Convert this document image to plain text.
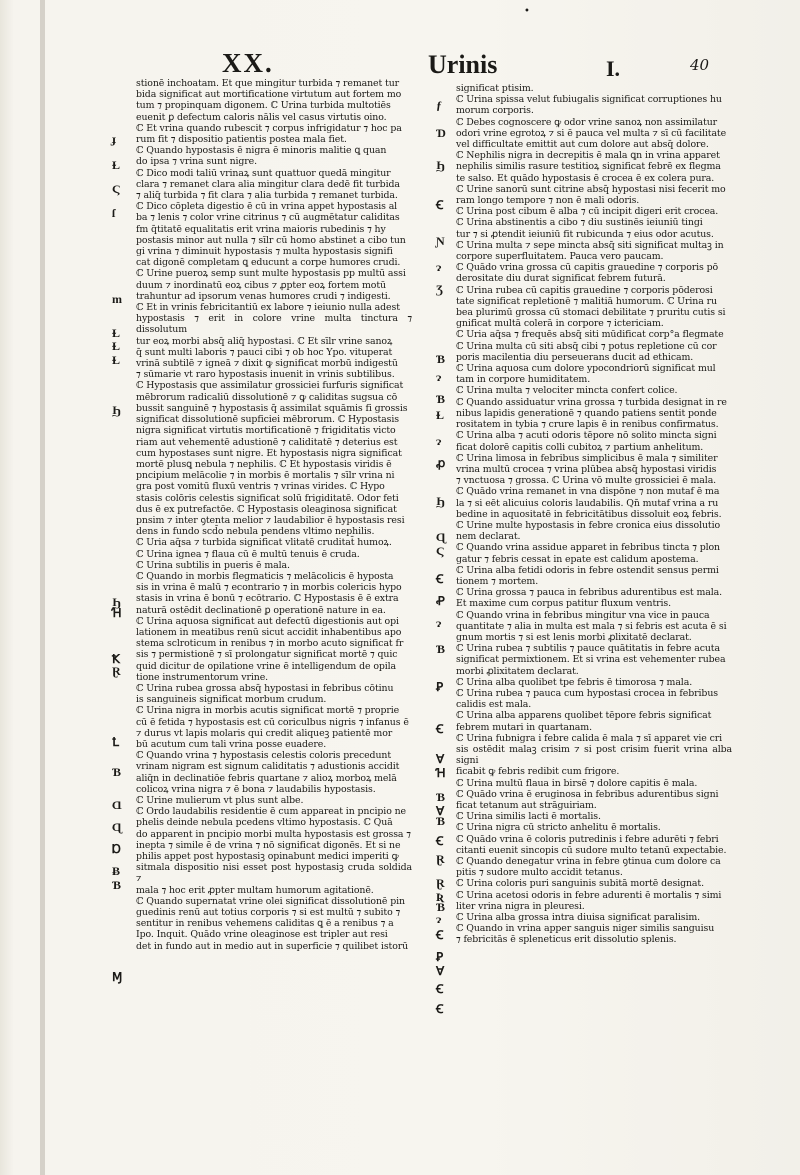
•
XX.	Urinis	I.	40
stionē inchoatam. Et que mingitur turbida ⁊ remanet tur
bida significat aut mortificatione virtutum aut fortem mo
tum ⁊ propinquam digonem. ℂ Urina turbida multotiēs
euenit ꝑ defectum caloris nālis vel casus virtutis oino.
ℂ Et vrina quando rubescit ⁊ corpus infrigidatur ⁊ hoc pa
rum fit ⁊ dispositio patientis postea mala fiet.
ℂ Quando hypostasis ē nigra ē minoris malitie ꝗ quan
do ipsa ⁊ vrina sunt nigre.
ℂ Dico modi taliū vrinaꝝ sunt quattuor quedā mingitur
clara ⁊ remanet clara alia mingitur clara dedē fit turbida
⁊ aliq̄ turbida ⁊ fit clara ⁊ alia turbida ⁊ remanet turbida.
ℂ Dico cōpleta digestio ē cū in vrina appet hypostasis al
ba ⁊ lenis ⁊ color vrine citrinus ⁊ cū augmētatur caliditas
fm q̄titatē equalitatis erit vrina maioris rubedinis ⁊ hy
postasis minor aut nulla ⁊ sīlr cū homo abstinet a cibo tun
gi vrina ⁊ diminuit hypostasis ⁊ multa hypostasis signifi
cat digonē completam ꝗ educunt a corpe humores crudi.
ℂ Urine pueroꝝ semp sunt multe hypostasis pp multū assi
duum ⁊ inordinatū eoꝝ cibus ⁊ ꝓpter eoꝝ fortem motū
trahuntur ad ipsorum venas humores crudi ⁊ indigesti.
ℂ Et in vrinis febricitantiū ex labore ⁊ ieiunio nulla adest
hypostasis ⁊ erit in colore vrine multa tinctura ⁊ dissolutum
tur eoꝝ morbi absq̄ aliq̄ hypostasi. ℂ Et sīlr vrine sanoꝝ
q̄ sunt multi laboris ⁊ pauci cibi ⁊ ob hoc Ypo. vituperat
vrinā subtilē ⁊ igneā ⁊ dixit ꝙ significat morbū indigestū
⁊ sūmarie vt raro hypostasis inuenit in vrinis subtilibus.
ℂ Hypostasis que assimilatur grossiciei furfuris significat
mēbrorum radicaliū dissolutionē ⁊ ꝙ caliditas sugsua cō
bussit sanguinē ⁊ hypostasis q̄ assimilat squāmis fi grossis
significat dissolutionē supficiei mēbrorum. ℂ Hypostasis
nigra significat virtutis mortificationē ⁊ frigiditatis victo
riam aut vehementē adustionē ⁊ caliditatē ⁊ deterius est
cum hypostases sunt nigre. Et hypostasis nigra significat
mortē plusꝗ nebula ⁊ nephilis. ℂ Et hypostasis viridis ē
pncipium melācolie ⁊ in morbis ē mortalis ⁊ sīlr vrina ni
gra post vomitū fluxū ventris ⁊ vrinas virides. ℂ Hypo
stasis colōris celestis significat solū frigiditatē. Odor feti
dus ē ex putrefactōe. ℂ Hypostasis oleaginosa significat
pnsim ⁊ inter ꝯtenta melior ⁊ laudabilior ē hypostasis resi
dens in fundo scd̄o nebula pendens vltimo nephilis.
ℂ Uria aq̄sa ⁊ turbida significat vlitatē cruditat̄ humoꝝ.
ℂ Urina ignea ⁊ flaua cū ē multū tenuis ē cruda.
ℂ Urina subtilis in pueris ē mala.
ℂ Quando in morbis flegmaticis ⁊ melācolicis ē hyposta
sis in vrina ē malū ⁊ econtrario ⁊ in morbis colericis hypo
stasis in vrina ē bonū ⁊ ecōtrario. ℂ Hypostasis ē ē extra
naturā ostēdit declinationē ꝑ operationē nature in ea.
ℂ Urina aquosa significat aut defectū digestionis aut opi
lationem in meatibus renū sicut accidit inhabentibus apo
stema sclroticum in renibus ⁊ in morbo acuto significat fr
sis ⁊ permistionē ⁊ sī prolongatur significat mortē ⁊ quic
quid dicitur de opilatione vrine ē intelligendum de opila
tione instrumentorum vrine.
ℂ Urina rubea grossa absq̄ hypostasi in febribus cōtinu
is sanguineis significat morbum crudum.
ℂ Urina nigra in morbis acutis significat mortē ⁊ proprie
cū ē fetida ⁊ hypostasis est cū coriculbus nigris ⁊ infanus ē
⁊ durus vt lapis molaris qui credit aliqueꝫ patientē mor
bū acutum cum tali vrina posse euadere.
ℂ Quando vrina ⁊ hypostasis celestis coloris precedunt
vrinam nigram est signum caliditatis ⁊ adustionis accidit
aliq̄n in declinatiōe febris quartane ⁊ alioꝝ morboꝝ melā
colicoꝝ vrina nigra ⁊ ē bona ⁊ laudabilis hypostasis.
ℂ Urine mulierum vt plus sunt albe.
ℂ Ordo laudabilis residentie ē cum appareat in pncipio ne
phelis deinde nebula pcedens vltimo hypostasis. ℂ Quā
do apparent in pncipio morbi multa hypostasis est grossa ⁊
inepta ⁊ simile ē de vrina ⁊ nō significat digonēs. Et si ne
philis appet post hypostasiꝫ opinabunt medici imperiti ꝙ
sitmala dispositio nisi esset post hypostasiꝫ cruda soldida ⁊
mala ⁊ hoc erit ꝓpter multam humorum agitationē.
ℂ Quando supernatat vrine olei significat dissolutionē pin
guedinis renū aut totius corporis ⁊ si est multū ⁊ subito ⁊
sentitur in renibus vehemens caliditas ꝗ ē a renibus ⁊ a
Ipo. Inquit. Quādo vrine oleaginose est tripler aut resi
det in fundo aut in medio aut in superficie ⁊ quilibet istorū
significat ptisim.
ℂ Urina spissa velut fubiugalis significat corruptiones hu
morum corporis.
ℂ Debes cognoscere ꝙ odor vrine sanoꝝ non assimilatur
odori vrine egrotoꝝ ⁊ si ē pauca vel multa ⁊ sī cū facilitate
vel difficultate emittit aut cum dolore aut absq̄ dolore.
ℂ Nephilis nigra in decrepitis ē mala ꝗn in vrina apparet
nephilis similis rasure testitioꝝ significat febrē ex flegma
te salso. Et quādo hypostasis ē crocea ē ex colera pura.
ℂ Urine sanorū sunt citrine absq̄ hypostasi nisi fecerit mo
ram longo tempore ⁊ non ē mali odoris.
ℂ Urina post cibum ē alba ⁊ cū incipit digeri erit crocea.
ℂ Urina abstinentis a cibo ⁊ diu sustinēs ieiuniū tingi
tur ⁊ si ꝓtendit ieiuniū fit rubicunda ⁊ eius odor acutus.
ℂ Urina multa ⁊ sepe mincta absq̄ siti significat multaꝫ in
corpore superfluitatem. Pauca vero paucam.
ℂ Quādo vrina grossa cū capitis grauedine ⁊ corporis pō
derositate diu durat significat febrem futurā.
ℂ Urina rubea cū capitis grauedine ⁊ corporis pōderosi
tate significat repletionē ⁊ malitiā humorum. ℂ Urina ru
bea plurimū grossa cū stomaci debilitate ⁊ pruritu cutis si
gnificat multā colerā in corpore ⁊ ictericiam.
ℂ Uria aq̄sa ⁊ frequēs absq̄ siti mūdificat corp°a flegmate
ℂ Urina multa cū siti absq̄ cibi ⁊ potus repletione cū cor
poris macilentia diu perseuerans ducit ad ethicam.
ℂ Urina aquosa cum dolore ypocondriorū significat mul
tam in corpore humiditatem.
ℂ Urina multa ⁊ velociter mincta confert colice.
ℂ Quando assiduatur vrina grossa ⁊ turbida designat in re
nibus lapidis generationē ⁊ quando patiens sentit ponde
rositatem in tybia ⁊ crure lapis ē in renibus confirmatus.
ℂ Urina alba ⁊ acuti odoris tēpore nō solito mincta signi
ficat dolorē capitis colli cubitoꝝ ⁊ partium anhelitum.
ℂ Urina limosa in febribus simplicibus ē mala ⁊ similiter
vrina multū crocea ⁊ vrina plūbea absq̄ hypostasi viridis
⁊ vnctuosa ⁊ grossa. ℂ Urina vō multe grossiciei ē mala.
ℂ Quādo vrina remanet in vna dispōne ⁊ non mutaf ē ma
la ⁊ si eēt alicuius coloris laudabilis. Qn̄ mutaf vrina a ru
bedine in aquositatē in febricitātibus dissoluit eoꝝ febris.
ℂ Urine multe hypostasis in febre cronica eius dissolutio
nem declarat.
ℂ Quando vrina assidue apparet in febribus tincta ⁊ plon
gatur ⁊ febris cessat in epate est calidum apostema.
ℂ Urina alba fetidi odoris in febre ostendit sensus permi
tionem ⁊ mortem.
ℂ Urina grossa ⁊ pauca in febribus adurentibus est mala.
Et maxime cum corpus patitur fluxum ventris.
ℂ Quando vrina in febribus mingitur vna vice in pauca
quantitate ⁊ alia in multa est mala ⁊ si febris est acuta ē si
gnum mortis ⁊ si est lenis morbi ꝓlixitatē declarat.
ℂ Urina rubea ⁊ subtilis ⁊ pauce quātitatis in febre acuta
significat permixtionem. Et si vrina est vehementer rubea
morbi ꝓlixitatem declarat.
ℂ Urina alba quolibet tpe febris ē timorosa ⁊ mala.
ℂ Urina rubea ⁊ pauca cum hypostasi crocea in febribus
calidis est mala.
ℂ Urina alba apparens quolibet tēpore febris significat
febrem mutari in quartanam.
ℂ Urina fubnigra i febre calida ē mala ⁊ sī apparet vie cri
sis ostēdit malaꝫ crisim ⁊ si post crisim fuerit vrina alba signi
ficabit ꝙ febris redibit cum frigore.
ℂ Urina multū flaua in birsē ⁊ dolore capitis ē mala.
ℂ Quādo vrina ē eruginosa in febribus adurentibus signi
ficat tetanum aut strāguiriam.
ℂ Urina similis lacti ē mortalis.
ℂ Urina nigra cū stricto anhelitu ē mortalis.
ℂ Quādo vrina ē coloris putredinis i febre adurēti ⁊ febri
citanti euenit sincopis cū sudore multo tetanū expectabie.
ℂ Quando denegatur vrina in febre ꝯtinua cum dolore ca
pitis ⁊ sudore multo accidit tetanus.
ℂ Urina coloris puri sanguinis subitā mortē designat.
ℂ Urina acetosi odoris in febre adurenti ē mortalis ⁊ simi
liter vrina nigra in pleuresi.
ℂ Urina alba grossa intra diuisa significat paralisim.
ℂ Quando in vrina apper sanguis niger similis sanguisu
⁊ febricitās ē spleneticus erit dissolutio splenis.
ɟ
Ɫ
Ϛ
ſ
m
Ɫ
Ɫ
Ɫ
Ϧ
Ϧ
Ɦ
Ꝁ
Ɽ
Ꝉ
Ɓ
Ɑ
Ɋ
Ɒ
Ƀ
Ɓ
Ɱ
ƒ
Ɗ
Ϧ
Ꞓ
Ɲ
ɂ
Ʒ
Ɓ
ɂ
Ɓ
Ɫ
ɂ
ꝓ
Ϧ
Ɋ
Ϛ
Ꞓ
Ꝓ
ɂ
Ɓ
Ꝑ
Ꞓ
Ɐ
Ɦ
Ɓ
Ɐ
Ɓ
Ꞓ
Ɽ
Ɽ
Ʀ
Ɓ
ɂ
Ꞓ
Ꝑ
Ɐ
Ꞓ
Ꞓ
